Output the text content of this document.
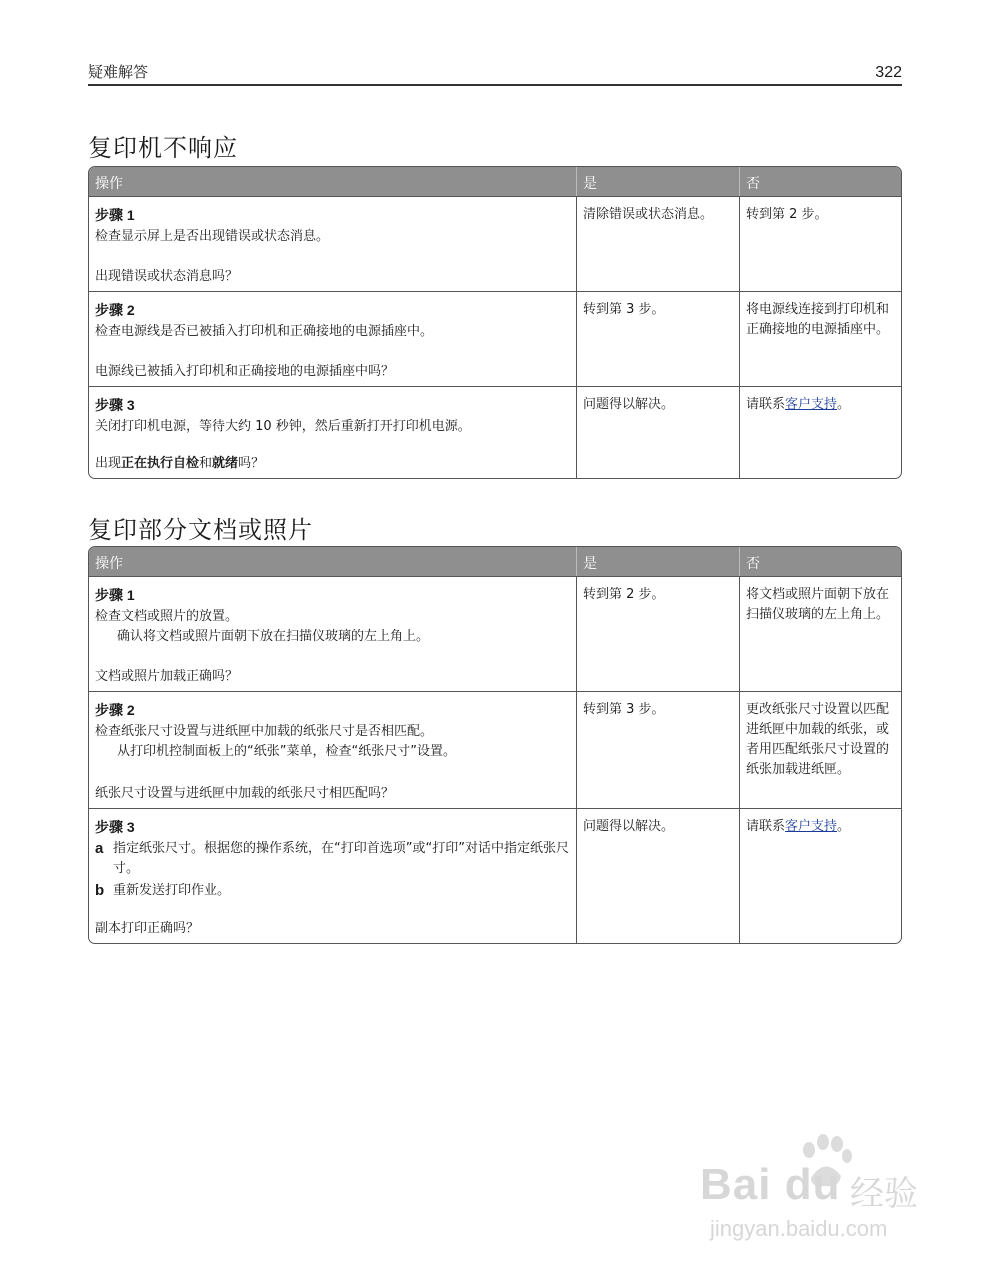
疑难解答	322
复印机不响应
操作	是	否
步骤 1
检查显示屏上是否出现错误或状态消息。
出现错误或状态消息吗？
清除错误或状态消息。	转到第 2 步。
步骤 2
检查电源线是否已被插入打印机和正确接地的电源插座中。
电源线已被插入打印机和正确接地的电源插座中吗？
转到第 3 步。	将电源线连接到打印机和正确接地的电源插座中。
步骤 3
关闭打印机电源，等待大约 10 秒钟，然后重新打开打印机电源。
出现正在执行自检和就绪吗？
问题得以解决。	请联系客户支持。
复印部分文档或照片
操作	是	否
步骤 1
检查文档或照片的放置。
确认将文档或照片面朝下放在扫描仪玻璃的左上角上。
文档或照片加载正确吗？
转到第 2 步。	将文档或照片面朝下放在扫描仪玻璃的左上角上。
步骤 2
检查纸张尺寸设置与进纸匣中加载的纸张尺寸是否相匹配。
从打印机控制面板上的“纸张”菜单，检查“纸张尺寸”设置。
纸张尺寸设置与进纸匣中加载的纸张尺寸相匹配吗？
转到第 3 步。	更改纸张尺寸设置以匹配进纸匣中加载的纸张，或者用匹配纸张尺寸设置的纸张加载进纸匣。
步骤 3
a 指定纸张尺寸。根据您的操作系统，在“打印首选项”或“打印”对话中指定纸张尺寸。
b 重新发送打印作业。
副本打印正确吗？
问题得以解决。	请联系客户支持。
Bai du 经验
jingyan.baidu.com
